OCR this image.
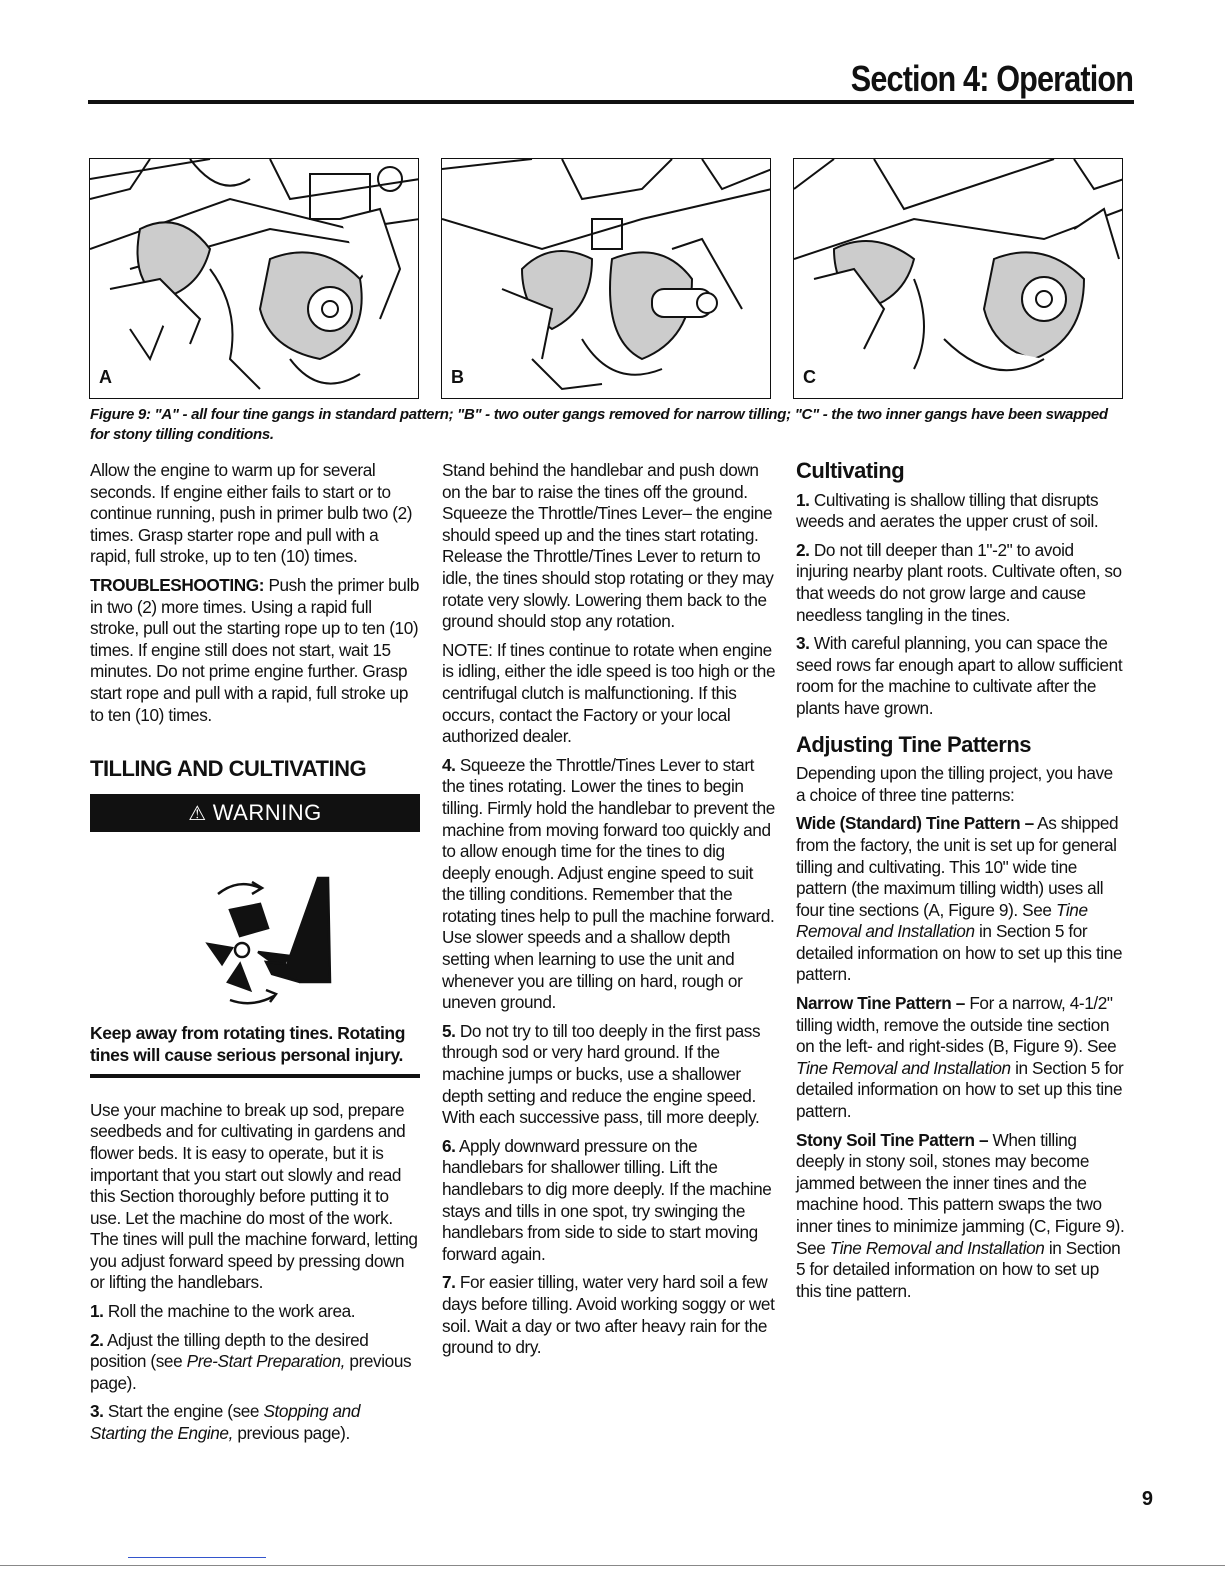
Section 4: Operation
A	B	C
Figure 9: "A" - all four tine gangs in standard pattern; "B" - two outer gangs removed for narrow tilling; "C" - the two inner gangs have been swapped for stony tilling conditions.

Allow the engine to warm up for several seconds. If engine either fails to start or to continue running, push in primer bulb two (2) times. Grasp starter rope and pull with a rapid, full stroke, up to ten (10) times.

TROUBLESHOOTING: Push the primer bulb in two (2) more times. Using a rapid full stroke, pull out the starting rope up to ten (10) times. If engine still does not start, wait 15 minutes. Do not prime engine further. Grasp start rope and pull with a rapid, full stroke up to ten (10) times.

TILLING AND CULTIVATING
⚠ WARNING
Keep away from rotating tines. Rotating tines will cause serious personal injury.

Use your machine to break up sod, prepare seedbeds and for cultivating in gardens and flower beds. It is easy to operate, but it is important that you start out slowly and read this Section thoroughly before putting it to use. Let the machine do most of the work. The tines will pull the machine forward, letting you adjust forward speed by pressing down or lifting the handlebars.

1. Roll the machine to the work area.

2. Adjust the tilling depth to the desired position (see Pre-Start Preparation, previous page).

3. Start the engine (see Stopping and Starting the Engine, previous page).

Stand behind the handlebar and push down on the bar to raise the tines off the ground. Squeeze the Throttle/Tines Lever– the engine should speed up and the tines start rotating. Release the Throttle/Tines Lever to return to idle, the tines should stop rotating or they may rotate very slowly. Lowering them back to the ground should stop any rotation.

NOTE: If tines continue to rotate when engine is idling, either the idle speed is too high or the centrifugal clutch is malfunctioning. If this occurs, contact the Factory or your local authorized dealer.

4. Squeeze the Throttle/Tines Lever to start the tines rotating. Lower the tines to begin tilling. Firmly hold the handlebar to prevent the machine from moving forward too quickly and to allow enough time for the tines to dig deeply enough. Adjust engine speed to suit the tilling conditions. Remember that the rotating tines help to pull the machine forward. Use slower speeds and a shallow depth setting when learning to use the unit and whenever you are tilling on hard, rough or uneven ground.

5. Do not try to till too deeply in the first pass through sod or very hard ground. If the machine jumps or bucks, use a shallower depth setting and reduce the engine speed. With each successive pass, till more deeply.

6. Apply downward pressure on the handlebars for shallower tilling. Lift the handlebars to dig more deeply. If the machine stays and tills in one spot, try swinging the handlebars from side to side to start moving forward again.

7. For easier tilling, water very hard soil a few days before tilling. Avoid working soggy or wet soil. Wait a day or two after heavy rain for the ground to dry.

Cultivating

1. Cultivating is shallow tilling that disrupts weeds and aerates the upper crust of soil.

2. Do not till deeper than 1"-2" to avoid injuring nearby plant roots. Cultivate often, so that weeds do not grow large and cause needless tangling in the tines.

3. With careful planning, you can space the seed rows far enough apart to allow sufficient room for the machine to cultivate after the plants have grown.

Adjusting Tine Patterns

Depending upon the tilling project, you have a choice of three tine patterns:

Wide (Standard) Tine Pattern – As shipped from the factory, the unit is set up for general tilling and cultivating. This 10" wide tine pattern (the maximum tilling width) uses all four tine sections (A, Figure 9). See Tine Removal and Installation in Section 5 for detailed information on how to set up this tine pattern.

Narrow Tine Pattern – For a narrow, 4-1/2" tilling width, remove the outside tine section on the left- and right-sides (B, Figure 9). See Tine Removal and Installation in Section 5 for detailed information on how to set up this tine pattern.

Stony Soil Tine Pattern – When tilling deeply in stony soil, stones may become jammed between the inner tines and the machine hood. This pattern swaps the two inner tines to minimize jamming (C, Figure 9). See Tine Removal and Installation in Section 5 for detailed information on how to set up this tine pattern.

9
